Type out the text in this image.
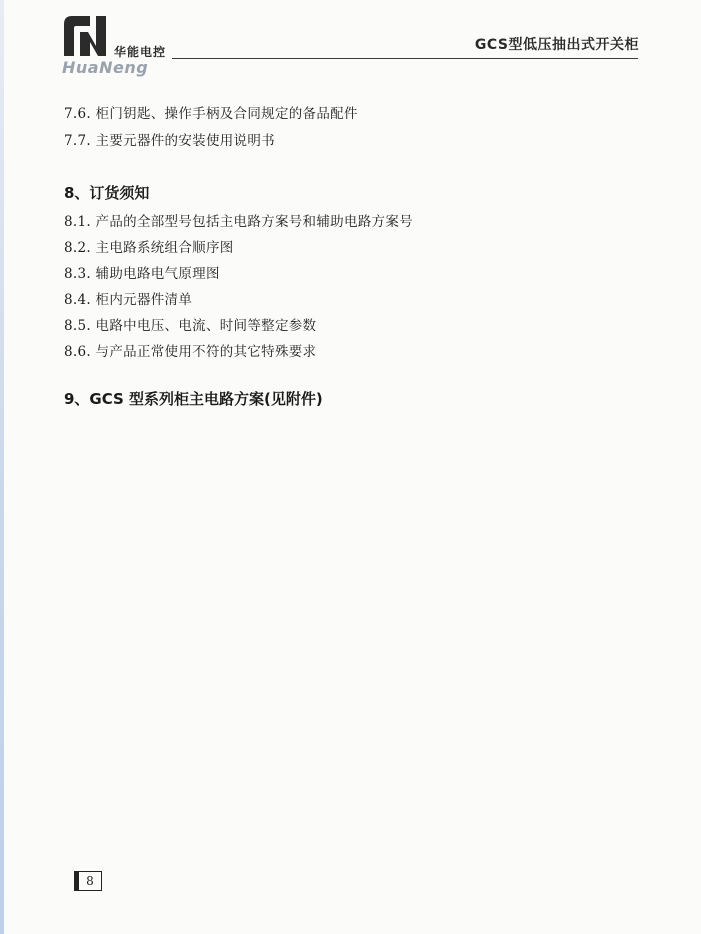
华能电控
HuaNeng
GCS型低压抽出式开关柜
7.6. 柜门钥匙、操作手柄及合同规定的备品配件
7.7. 主要元器件的安装使用说明书
8、订货须知
8.1. 产品的全部型号包括主电路方案号和辅助电路方案号
8.2. 主电路系统组合顺序图
8.3. 辅助电路电气原理图
8.4. 柜内元器件清单
8.5. 电路中电压、电流、时间等整定参数
8.6. 与产品正常使用不符的其它特殊要求
9、GCS 型系列柜主电路方案(见附件)
8
